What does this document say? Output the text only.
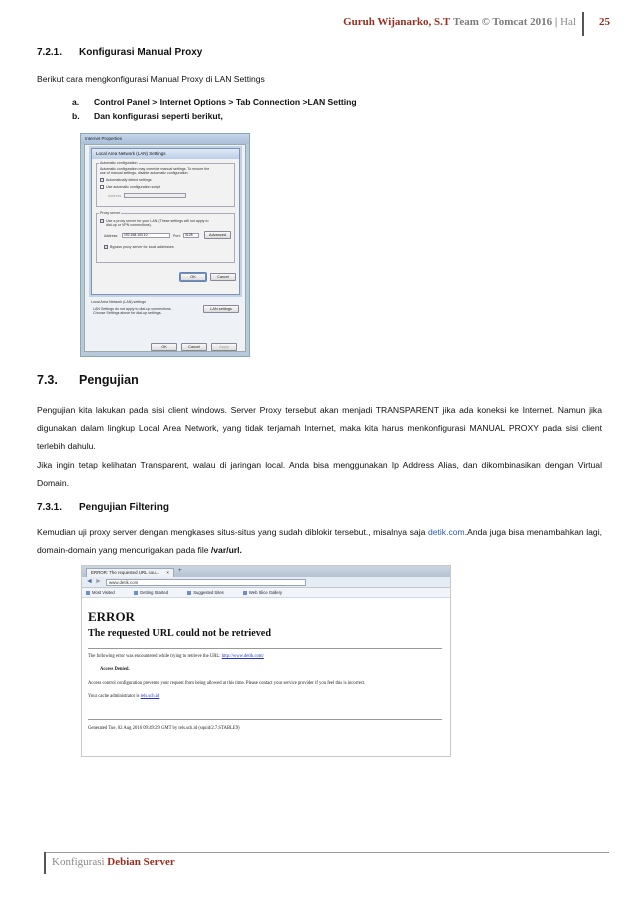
Guruh Wijanarko, S.T Team © Tomcat 2016 | Hal 25
7.2.1. Konfigurasi Manual Proxy
Berikut cara mengkonfigurasi Manual Proxy di LAN Settings
a. Control Panel > Internet Options > Tab Connection >LAN Setting
b. Dan konfigurasi seperti berikut,
Internet Properties
Local Area Network (LAN) Settings
Automatic configuration
Automatic configuration may override manual settings. To ensure the
use of manual settings, disable automatic configuration.
Automatically detect settings
Use automatic configuration script
Address
Proxy server
Use a proxy server for your LAN (These settings will not apply to
dial-up or VPN connections).
Address:	192.168.100.10	Port:	3128	Advanced
Bypass proxy server for local addresses
OK	Cancel
Local Area Network (LAN) settings
LAN Settings do not apply to dial-up connections.
Choose Settings above for dial-up settings.
LAN settings
OK	Cancel	Apply
7.3. Pengujian
Pengujian kita lakukan pada sisi client windows. Server Proxy tersebut akan menjadi TRANSPARENT jika ada koneksi ke Internet. Namun jika digunakan dalam lingkup Local Area Network, yang tidak terjamah Internet, maka kita harus menkonfigurasi MANUAL PROXY pada sisi client terlebih dahulu.
Jika ingin tetap kelihatan Transparent, walau di jaringan local. Anda bisa menggunakan Ip Address Alias, dan dikombinasikan dengan Virtual Domain.
7.3.1. Pengujian Filtering
Kemudian uji proxy server dengan mengkases situs-situs yang sudah diblokir tersebut., misalnya saja detik.com.Anda juga bisa menambahkan lagi, domain-domain yang mencurigakan pada file /var/url.
ERROR: The requested URL cou... × +
◄ ►	www.detik.com
Most Visited	Getting Started	Suggested Sites	Web Slice Gallery
ERROR
The requested URL could not be retrieved
The following error was encountered while trying to retrieve the URL: http://www.detik.com/
Access Denied.
Access control configuration prevents your request from being allowed at this time. Please contact your service provider if you feel this is incorrect.
Your cache administrator is tels.sch.id
Generated Tue, 02 Aug 2016 09:49:29 GMT by tels.sch.id (squid/2.7.STABLE9)
Konfigurasi Debian Server
